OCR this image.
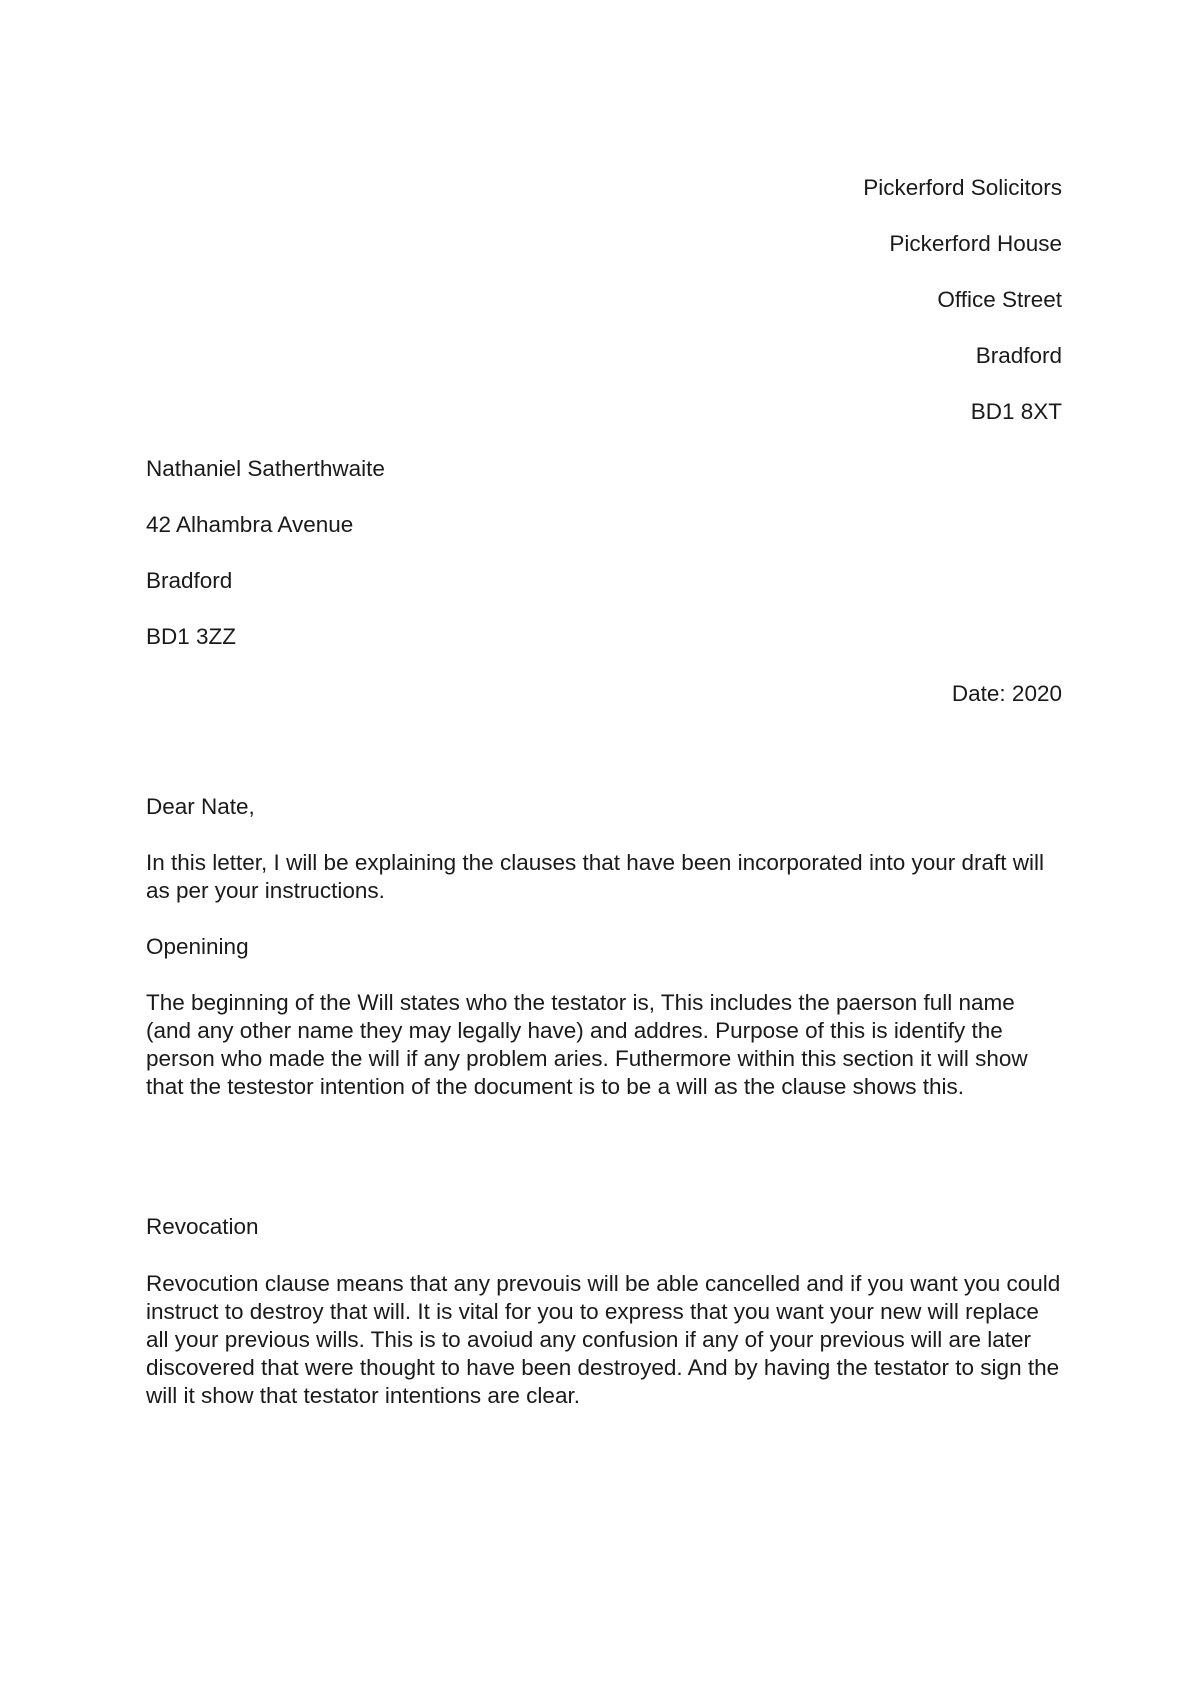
Pickerford Solicitors
Pickerford House
Office Street
Bradford
BD1 8XT
Nathaniel Satherthwaite
42 Alhambra Avenue
Bradford
BD1 3ZZ
Date: 2020
Dear Nate,

In this letter, I will be explaining the clauses that have been incorporated into your draft will as per your instructions.

Openining

The beginning of the Will states who the testator is, This includes the paerson full name (and any other name they may legally have) and addres. Purpose of this is identify the person who made the will if any problem aries. Futhermore within this section it will show that the testestor intention of the document is to be a will as the clause shows this.

Revocation

Revocution clause means that any prevouis will be able cancelled and if you want you could instruct to destroy that will. It is vital for you to express that you want your new will replace all your previous wills. This is to avoiud any confusion if any of your previous will are later discovered that were thought to have been destroyed. And by having the testator to sign the will it show that testator intentions are clear.
